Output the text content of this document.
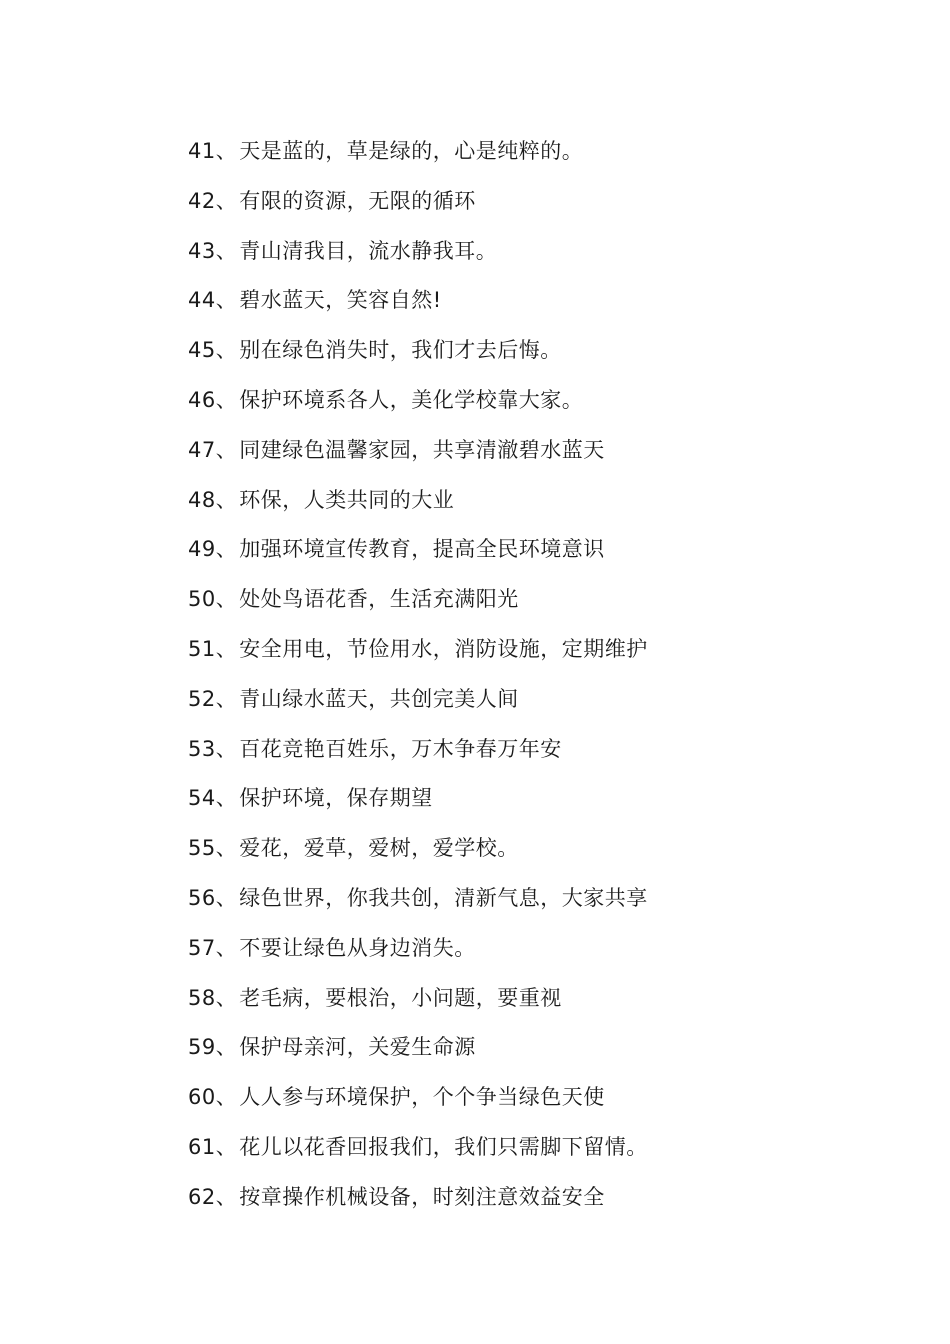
41、天是蓝的，草是绿的，心是纯粹的。
42、有限的资源，无限的循环
43、青山清我目，流水静我耳。
44、碧水蓝天，笑容自然!
45、别在绿色消失时，我们才去后悔。
46、保护环境系各人，美化学校靠大家。
47、同建绿色温馨家园，共享清澈碧水蓝天
48、环保，人类共同的大业
49、加强环境宣传教育，提高全民环境意识
50、处处鸟语花香，生活充满阳光
51、安全用电，节俭用水，消防设施，定期维护
52、青山绿水蓝天，共创完美人间
53、百花竞艳百姓乐，万木争春万年安
54、保护环境，保存期望
55、爱花，爱草，爱树，爱学校。
56、绿色世界，你我共创，清新气息，大家共享
57、不要让绿色从身边消失。
58、老毛病，要根治，小问题，要重视
59、保护母亲河，关爱生命源
60、人人参与环境保护，个个争当绿色天使
61、花儿以花香回报我们，我们只需脚下留情。
62、按章操作机械设备，时刻注意效益安全
